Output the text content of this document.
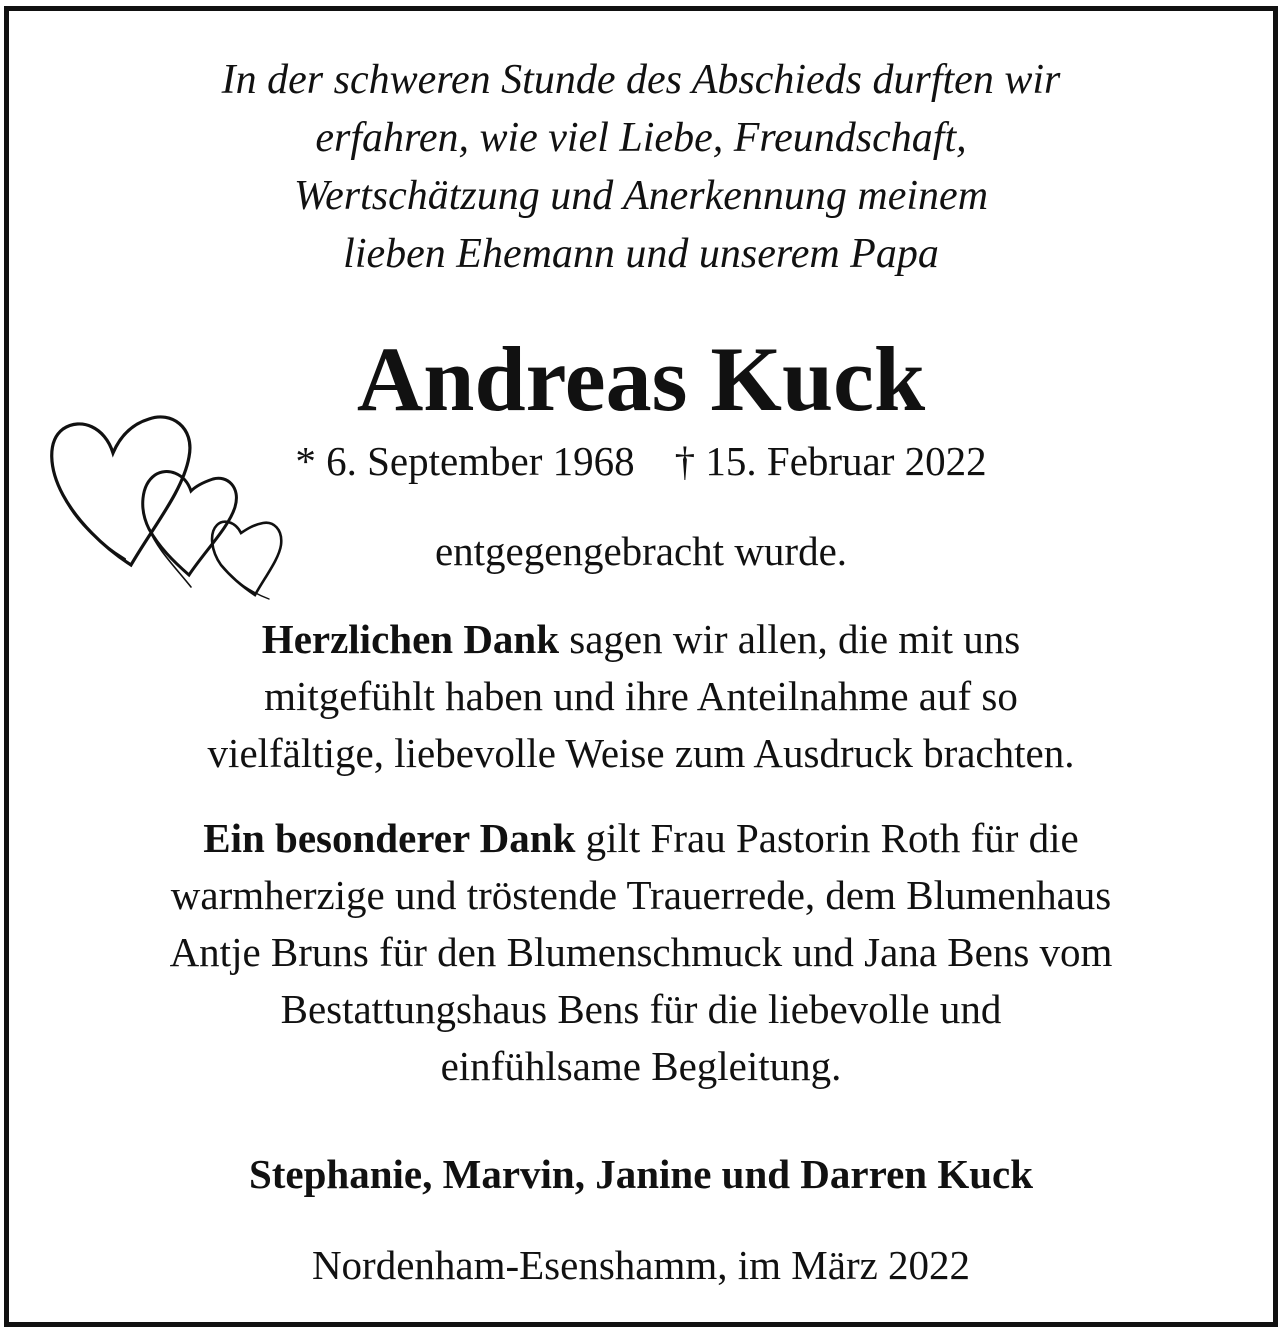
In der schweren Stunde des Abschieds durften wir
erfahren, wie viel Liebe, Freundschaft,
Wertschätzung und Anerkennung meinem
lieben Ehemann und unserem Papa
Andreas Kuck
* 6. September 1968 † 15. Februar 2022
entgegengebracht wurde.
Herzlichen Dank sagen wir allen, die mit uns
mitgefühlt haben und ihre Anteilnahme auf so
vielfältige, liebevolle Weise zum Ausdruck brachten.
Ein besonderer Dank gilt Frau Pastorin Roth für die
warmherzige und tröstende Trauerrede, dem Blumenhaus
Antje Bruns für den Blumenschmuck und Jana Bens vom
Bestattungshaus Bens für die liebevolle und
einfühlsame Begleitung.
Stephanie, Marvin, Janine und Darren Kuck
Nordenham-Esenshamm, im März 2022
